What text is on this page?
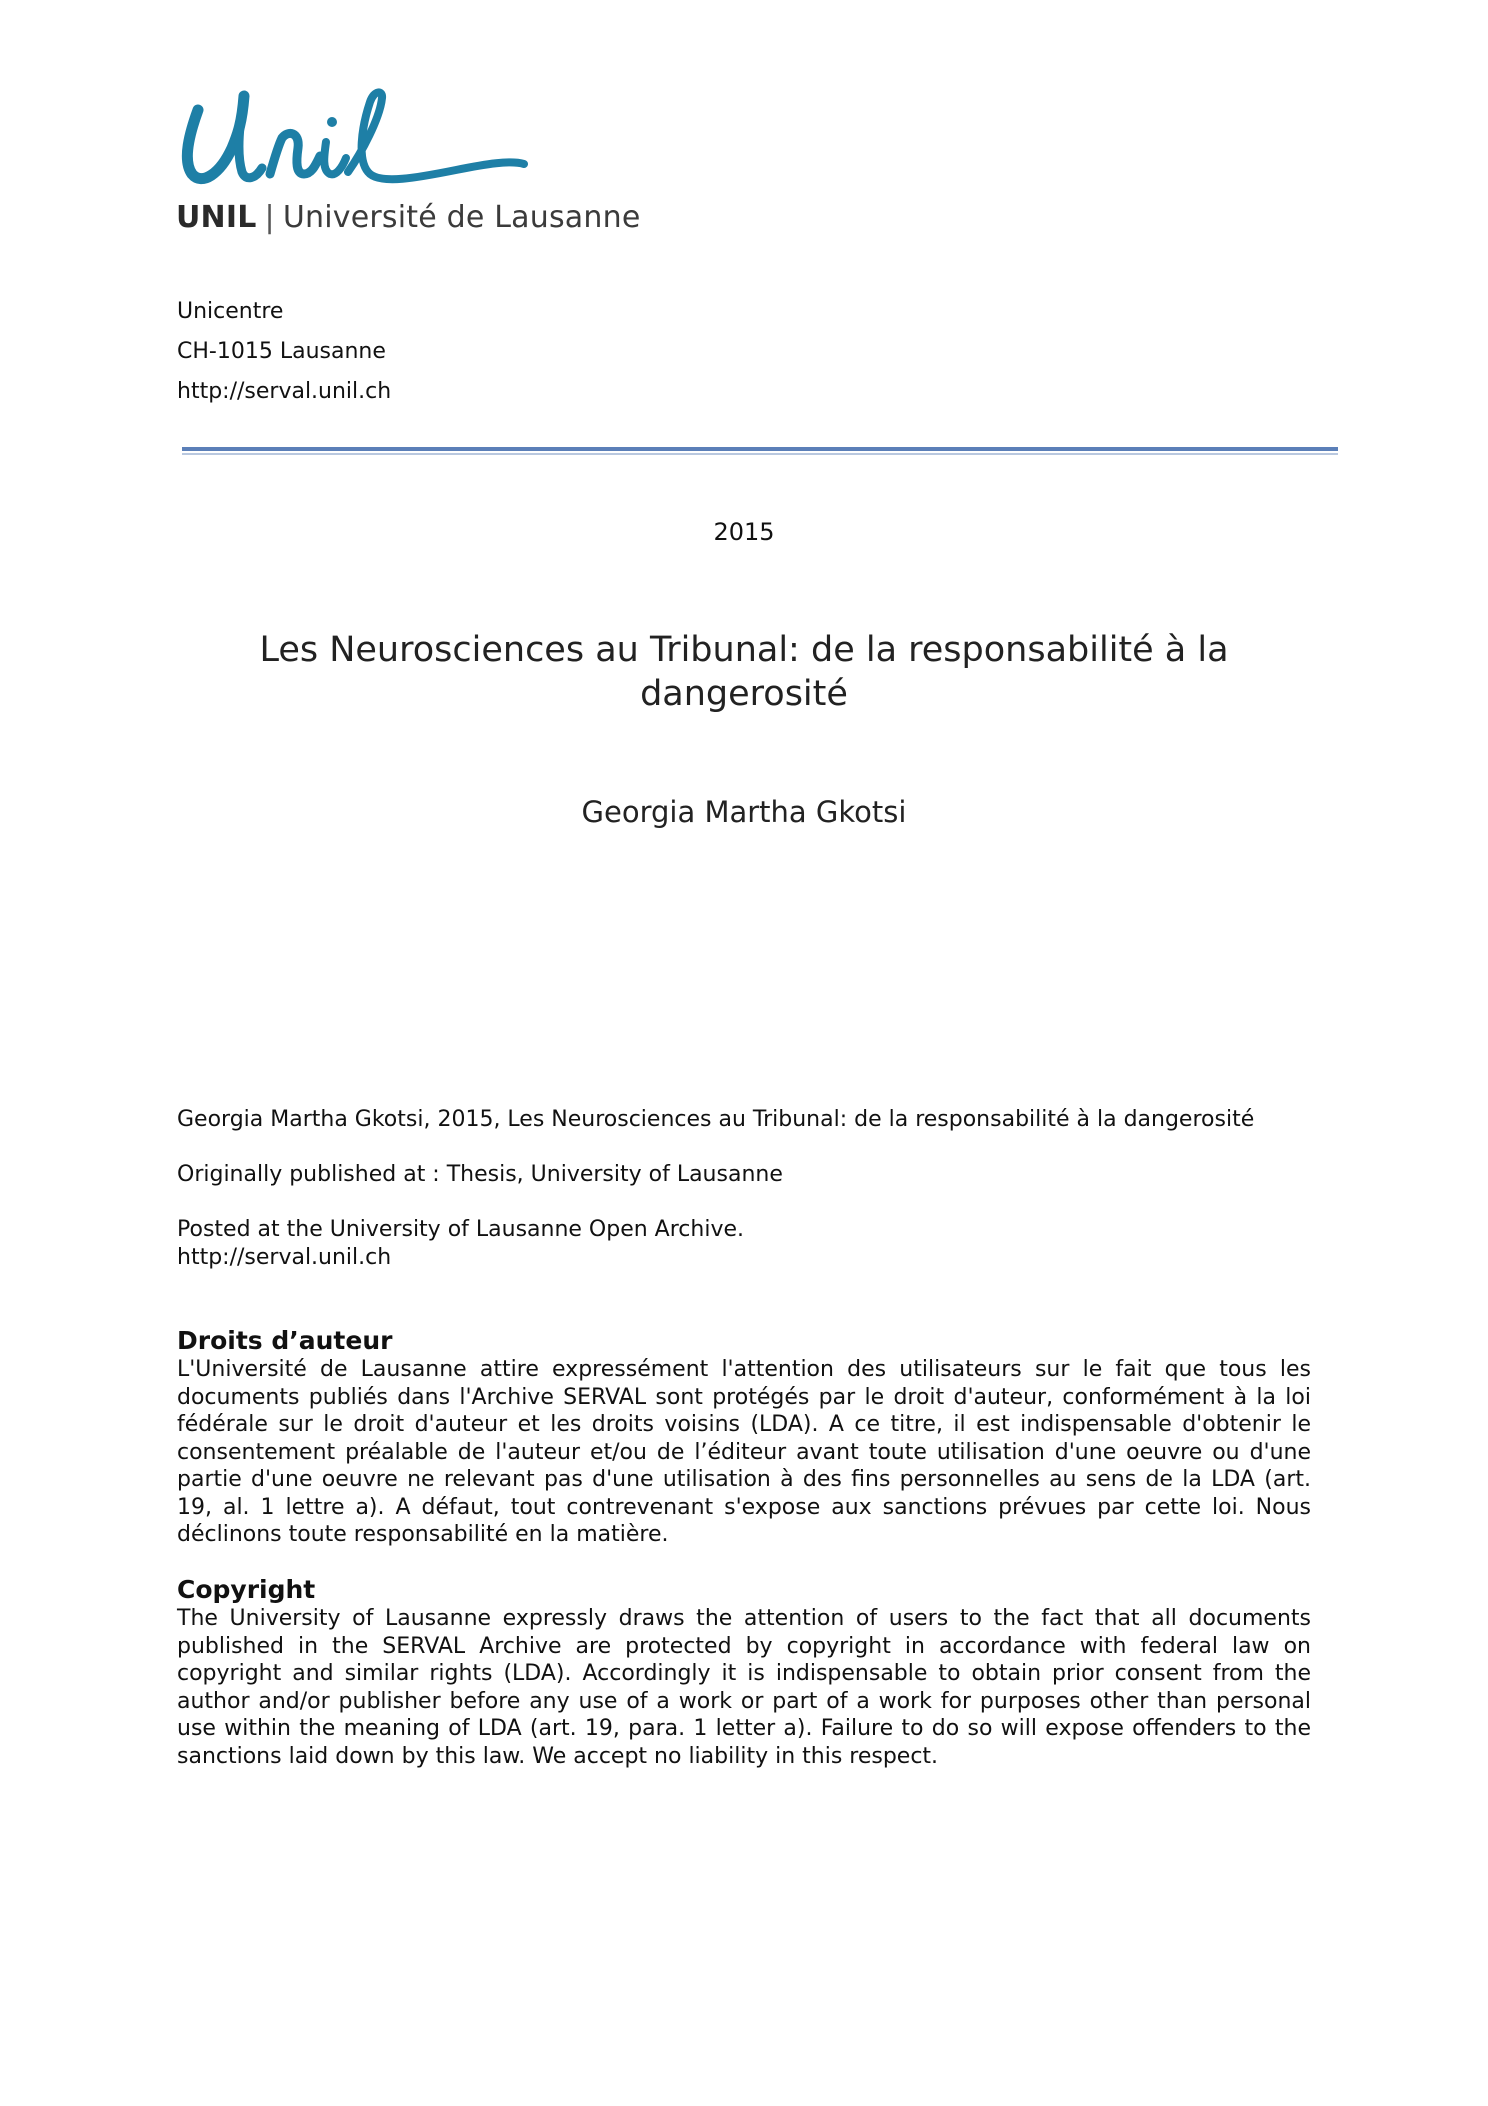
UNIL | Université de Lausanne
Unicentre
CH-1015 Lausanne
http://serval.unil.ch
2015
Les Neurosciences au Tribunal: de la responsabilité à la dangerosité
Georgia Martha Gkotsi
Georgia Martha Gkotsi, 2015, Les Neurosciences au Tribunal: de la responsabilité à la dangerosité
Originally published at : Thesis, University of Lausanne
Posted at the University of Lausanne Open Archive.
http://serval.unil.ch
Droits d’auteur

L'Université de Lausanne attire expressément l'attention des utilisateurs sur le fait que tous les documents publiés dans l'Archive SERVAL sont protégés par le droit d'auteur, conformément à la loi fédérale sur le droit d'auteur et les droits voisins (LDA). A ce titre, il est indispensable d'obtenir le consentement préalable de l'auteur et/ou de l’éditeur avant toute utilisation d'une oeuvre ou d'une partie d'une oeuvre ne relevant pas d'une utilisation à des fins personnelles au sens de la LDA (art. 19, al. 1 lettre a). A défaut, tout contrevenant s'expose aux sanctions prévues par cette loi. Nous déclinons toute responsabilité en la matière.

Copyright

The University of Lausanne expressly draws the attention of users to the fact that all documents published in the SERVAL Archive are protected by copyright in accordance with federal law on copyright and similar rights (LDA). Accordingly it is indispensable to obtain prior consent from the author and/or publisher before any use of a work or part of a work for purposes other than personal use within the meaning of LDA (art. 19, para. 1 letter a). Failure to do so will expose offenders to the sanctions laid down by this law. We accept no liability in this respect.
